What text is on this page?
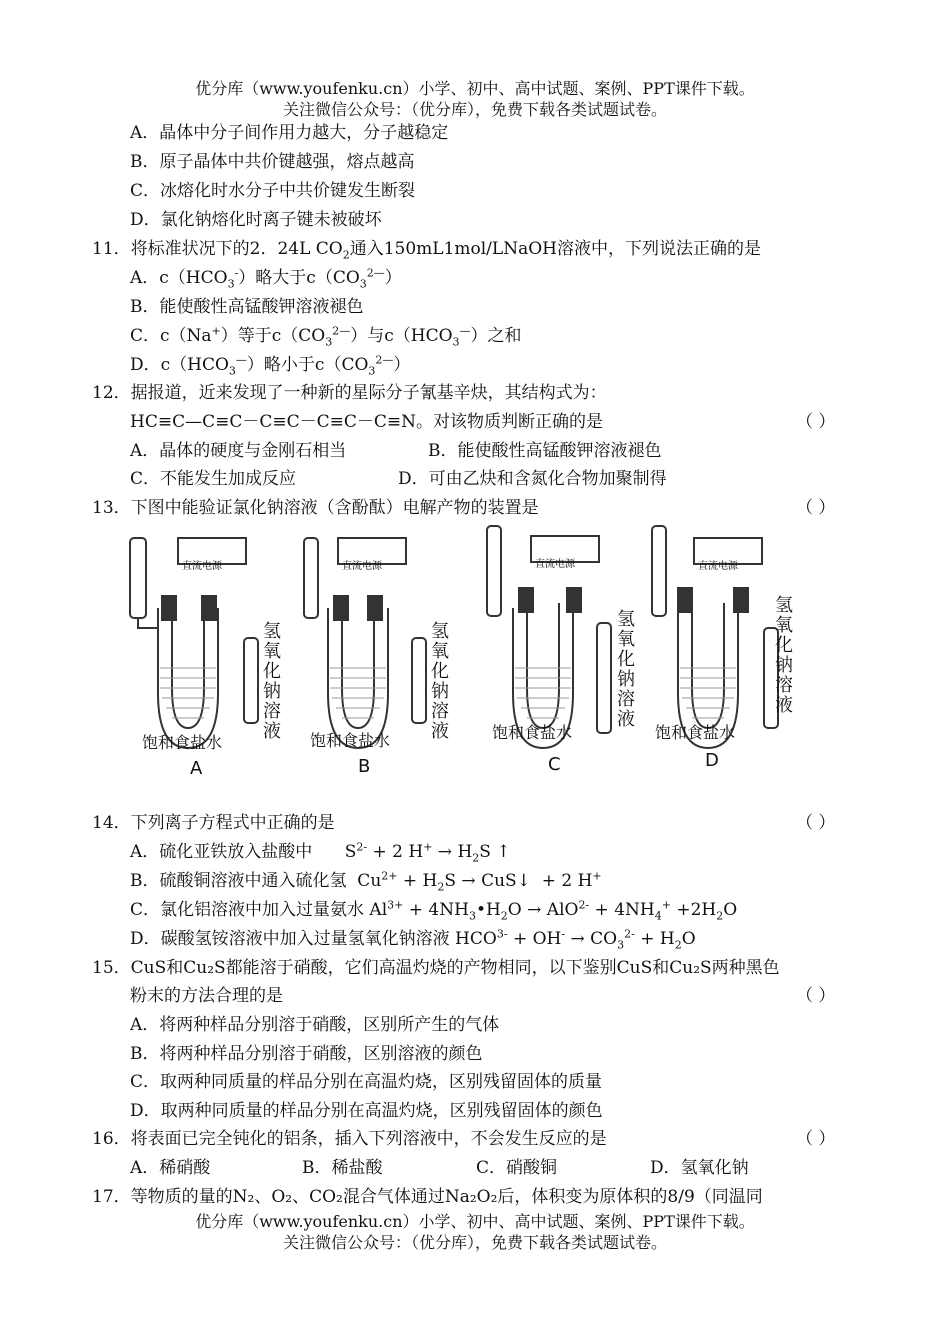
优分库（www.youfenku.cn）小学、初中、高中试题、案例、PPT课件下载。
关注微信公众号：（优分库），免费下载各类试题试卷。
A．晶体中分子间作用力越大，分子越稳定
B．原子晶体中共价键越强，熔点越高
C．冰熔化时水分子中共价键发生断裂
D．氯化钠熔化时离子键未被破坏
11．将标准状况下的2．24L $CO_2$通入150mL1mol/LNaOH溶液中，下列说法正确的是
A．$c(HCO_3^-)$略大于$c(CO_3^{2—})$
B．能使酸性高锰酸钾溶液褪色
C．c（Na+）等于$c(CO_3^{2—})$与$c(HCO_3^—)$之和
D．$c(HCO_3^—)$略小于$c(CO_3^{2—})$
12．据报道，近来发现了一种新的星际分子氰基辛炔，其结构式为：
HC≡C—C≡C－C≡C－C≡C－C≡N。对该物质判断正确的是	（ ）
A．晶体的硬度与金刚石相当	B．能使酸性高锰酸钾溶液褪色
C．不能发生加成反应	D．可由乙炔和含氮化合物加聚制得
13．下图中能验证氯化钠溶液（含酚酞）电解产物的装置是	（ ）
直流电源	直流电源	直流电源	直流电源
饱和食盐水	饱和食盐水	饱和食盐水	饱和食盐水
氢氧化钠溶液
氢氧化钠溶液
氢氧化钠溶液
氢氧化钠溶液
A	B	C	D
14．下列离子方程式中正确的是	（ ）
A．硫化亚铁放入盐酸中      $S^{2-} + 2$ $H^+ \to H_2S$ ↑
B．硫酸铜溶液中通入硫化氢  $Cu^{2+} + H_2S$ → CuS↓  + 2 H+
C．氯化铝溶液中加入过量氨水 $Al^{3+}$ + $4NH_3•H_2O \to AlO^{2-} + 4NH_4^+ +2H_2O$
D．碳酸氢铵溶液中加入过量氢氧化钠溶液 $HCO^{3-} + OH^- \to CO_3^{2-} + H_2O$
15．CuS和Cu₂S都能溶于硝酸，它们高温灼烧的产物相同，以下鉴别CuS和Cu₂S两种黑色
粉末的方法合理的是	（ ）
A．将两种样品分别溶于硝酸，区别所产生的气体
B．将两种样品分别溶于硝酸，区别溶液的颜色
C．取两种同质量的样品分别在高温灼烧，区别残留固体的质量
D．取两种同质量的样品分别在高温灼烧，区别残留固体的颜色
16．将表面已完全钝化的铝条，插入下列溶液中，不会发生反应的是	（ ）
A．稀硝酸	B．稀盐酸	C．硝酸铜	D．氢氧化钠
17．等物质的量的N₂、O₂、CO₂混合气体通过Na₂O₂后，体积变为原体积的8/9（同温同
优分库（www.youfenku.cn）小学、初中、高中试题、案例、PPT课件下载。
关注微信公众号：（优分库），免费下载各类试题试卷。
